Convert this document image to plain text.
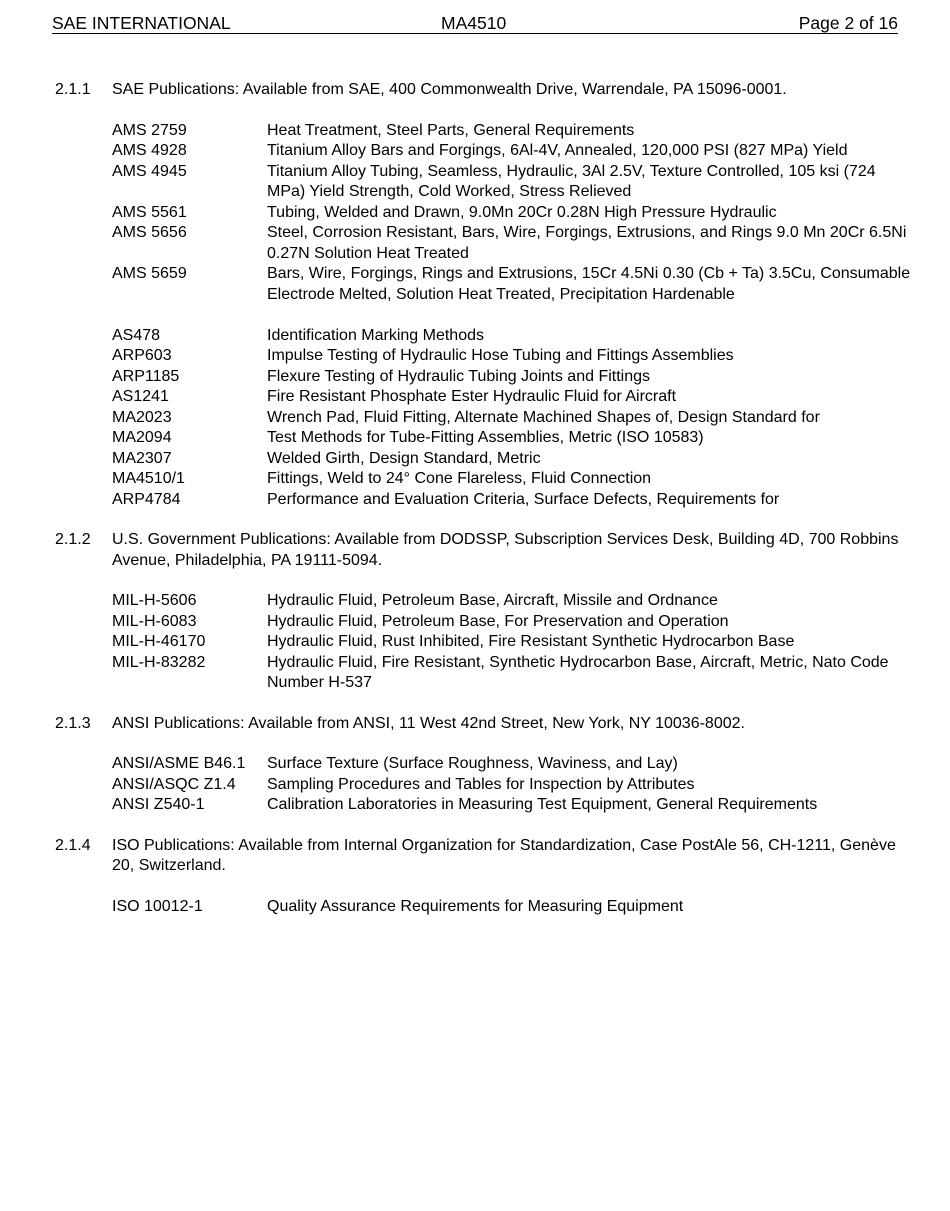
SAE INTERNATIONAL	MA4510	Page 2 of 16
2.1.1 SAE Publications: Available from SAE, 400 Commonwealth Drive, Warrendale, PA 15096-0001.
AMS 2759	Heat Treatment, Steel Parts, General Requirements
AMS 4928	Titanium Alloy Bars and Forgings, 6Al-4V, Annealed, 120,000 PSI (827 MPa) Yield
AMS 4945	Titanium Alloy Tubing, Seamless, Hydraulic, 3Al 2.5V, Texture Controlled, 105 ksi (724 MPa) Yield Strength, Cold Worked, Stress Relieved
AMS 5561	Tubing, Welded and Drawn, 9.0Mn 20Cr 0.28N High Pressure Hydraulic
AMS 5656	Steel, Corrosion Resistant, Bars, Wire, Forgings, Extrusions, and Rings 9.0 Mn 20Cr 6.5Ni 0.27N Solution Heat Treated
AMS 5659	Bars, Wire, Forgings, Rings and Extrusions, 15Cr 4.5Ni 0.30 (Cb + Ta) 3.5Cu, Consumable Electrode Melted, Solution Heat Treated, Precipitation Hardenable
AS478	Identification Marking Methods
ARP603	Impulse Testing of Hydraulic Hose Tubing and Fittings Assemblies
ARP1185	Flexure Testing of Hydraulic Tubing Joints and Fittings
AS1241	Fire Resistant Phosphate Ester Hydraulic Fluid for Aircraft
MA2023	Wrench Pad, Fluid Fitting, Alternate Machined Shapes of, Design Standard for
MA2094	Test Methods for Tube-Fitting Assemblies, Metric (ISO 10583)
MA2307	Welded Girth, Design Standard, Metric
MA4510/1	Fittings, Weld to 24° Cone Flareless, Fluid Connection
ARP4784	Performance and Evaluation Criteria, Surface Defects, Requirements for
2.1.2 U.S. Government Publications: Available from DODSSP, Subscription Services Desk, Building 4D, 700 Robbins Avenue, Philadelphia, PA 19111-5094.
MIL-H-5606	Hydraulic Fluid, Petroleum Base, Aircraft, Missile and Ordnance
MIL-H-6083	Hydraulic Fluid, Petroleum Base, For Preservation and Operation
MIL-H-46170	Hydraulic Fluid, Rust Inhibited, Fire Resistant Synthetic Hydrocarbon Base
MIL-H-83282	Hydraulic Fluid, Fire Resistant, Synthetic Hydrocarbon Base, Aircraft, Metric, Nato Code Number H-537
2.1.3 ANSI Publications: Available from ANSI, 11 West 42nd Street, New York, NY 10036-8002.
ANSI/ASME B46.1	Surface Texture (Surface Roughness, Waviness, and Lay)
ANSI/ASQC Z1.4	Sampling Procedures and Tables for Inspection by Attributes
ANSI Z540-1	Calibration Laboratories in Measuring Test Equipment, General Requirements
2.1.4 ISO Publications: Available from Internal Organization for Standardization, Case PostAle 56, CH-1211, Genève 20, Switzerland.
ISO 10012-1	Quality Assurance Requirements for Measuring Equipment
